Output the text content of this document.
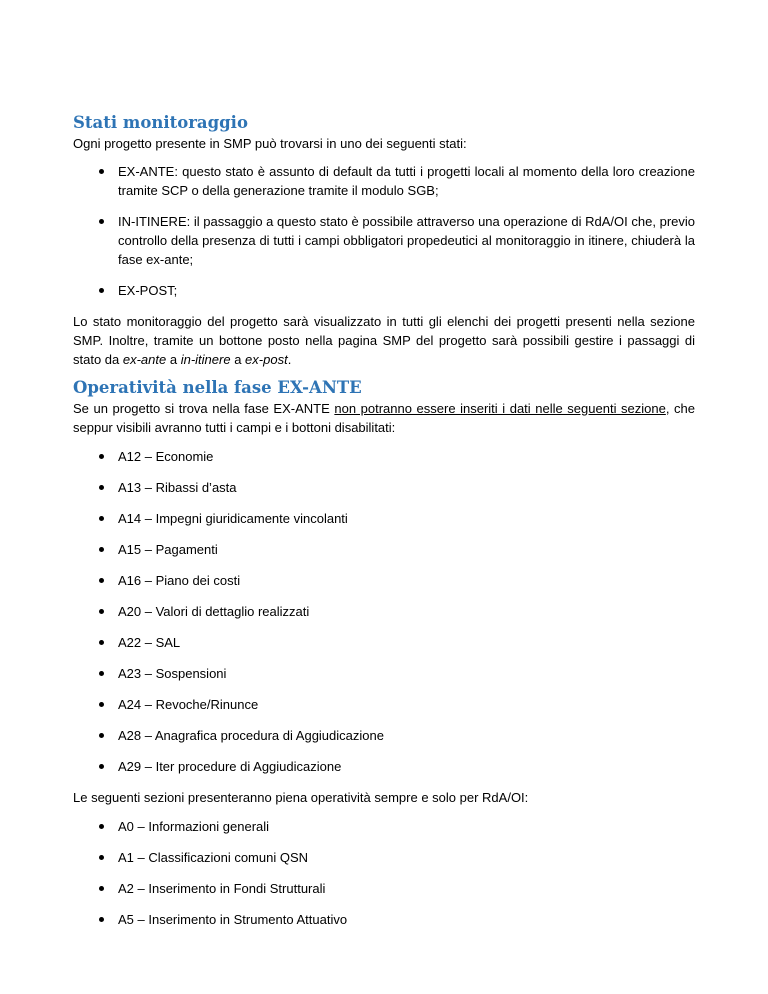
Stati monitoraggio

Ogni progetto presente in SMP può trovarsi in uno dei seguenti stati:

EX-ANTE: questo stato è assunto di default da tutti i progetti locali al momento della loro creazione tramite SCP o della generazione tramite il modulo SGB;
IN-ITINERE: il passaggio a questo stato è possibile attraverso una operazione di RdA/OI che, previo controllo della presenza di tutti i campi obbligatori propedeutici al monitoraggio in itinere, chiuderà la fase ex-ante;
EX-POST;

Lo stato monitoraggio del progetto sarà visualizzato in tutti gli elenchi dei progetti presenti nella sezione SMP. Inoltre, tramite un bottone posto nella pagina SMP del progetto sarà possibili gestire i passaggi di stato da ex-ante a in-itinere a ex-post.

Operatività nella fase EX-ANTE

Se un progetto si trova nella fase EX-ANTE non potranno essere inseriti i dati nelle seguenti sezione, che seppur visibili avranno tutti i campi e i bottoni disabilitati:

A12 – Economie
A13 – Ribassi d’asta
A14 – Impegni giuridicamente vincolanti
A15 – Pagamenti
A16 – Piano dei costi
A20 – Valori di dettaglio realizzati
A22 – SAL
A23 – Sospensioni
A24 – Revoche/Rinunce
A28 – Anagrafica procedura di Aggiudicazione
A29 – Iter procedure di Aggiudicazione

Le seguenti sezioni presenteranno piena operatività sempre e solo per RdA/OI:

A0 – Informazioni generali
A1 – Classificazioni comuni QSN
A2 – Inserimento in Fondi Strutturali
A5 – Inserimento in Strumento Attuativo
